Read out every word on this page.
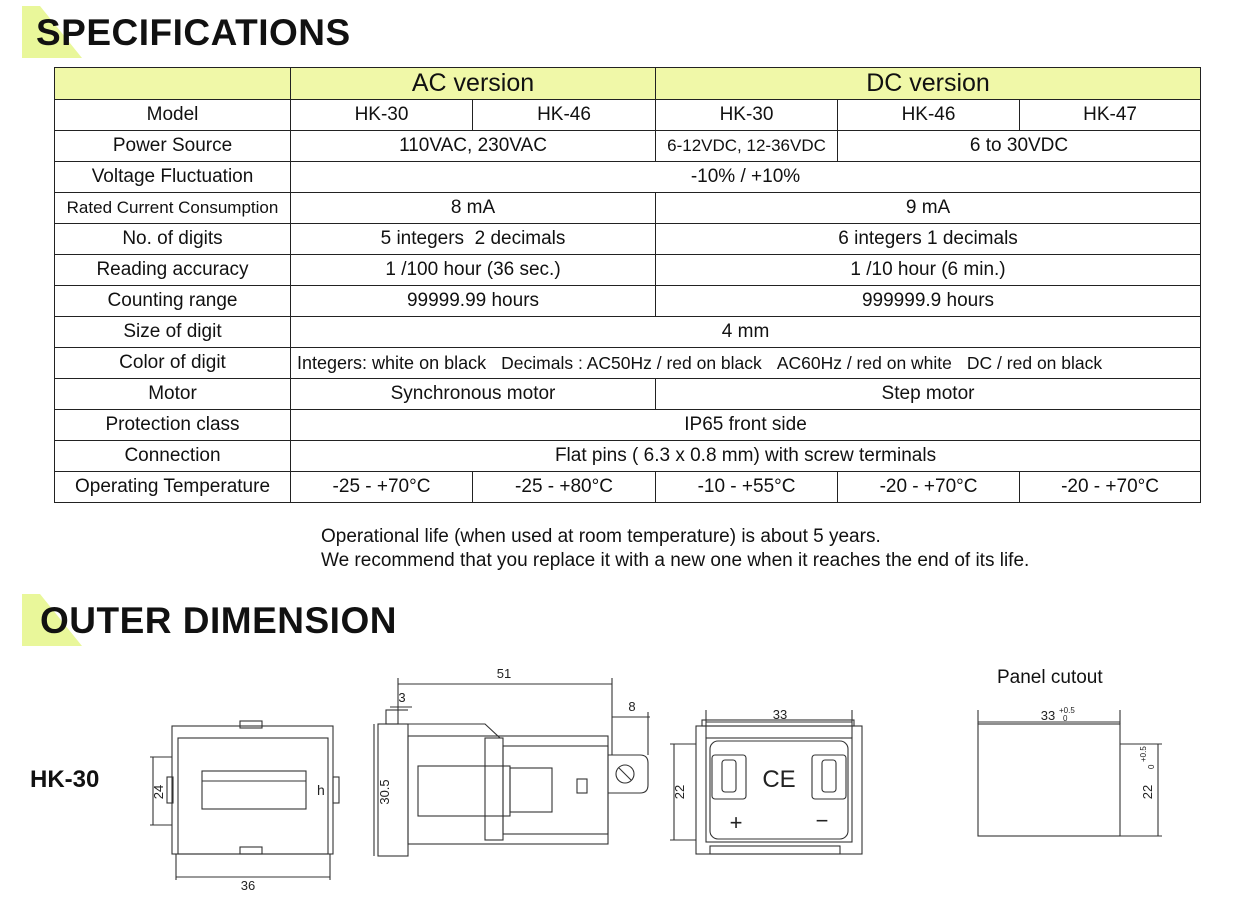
SPECIFICATIONS
	AC version		DC version		
Model	HK-30	HK-46	HK-30	HK-46	HK-47
Power Source	110VAC, 230VAC		6-12VDC, 12-36VDC	6 to 30VDC	
Voltage Fluctuation	-10% / +10%				
Rated Current Consumption	8 mA		9 mA		
No. of digits	5 integers  2 decimals		6 integers 1 decimals		
Reading accuracy	1 /100 hour (36 sec.)		1 /10 hour (6 min.)		
Counting range	99999.99 hours		999999.9 hours		
Size of digit	4 mm				
Color of digit	Integers: white on black Decimals : AC50Hz / red on black AC60Hz / red on white DC / red on black				
Motor	Synchronous motor		Step motor		
Protection class	IP65 front side				
Connection	Flat pins ( 6.3 x 0.8 mm) with screw terminals				
Operating Temperature	-25 - +70°C	-25 - +80°C	-10 - +55°C	-20 - +70°C	-20 - +70°C
Operational life (when used at room temperature) is about 5 years.
We recommend that you replace it with a new one when it reaches the end of its life.
OUTER DIMENSION
HK-30
Panel cutout
36
24	h
51
3
8
30.5
33
22	CE
+	−
33 +0.5
0
22
+0.5
0
